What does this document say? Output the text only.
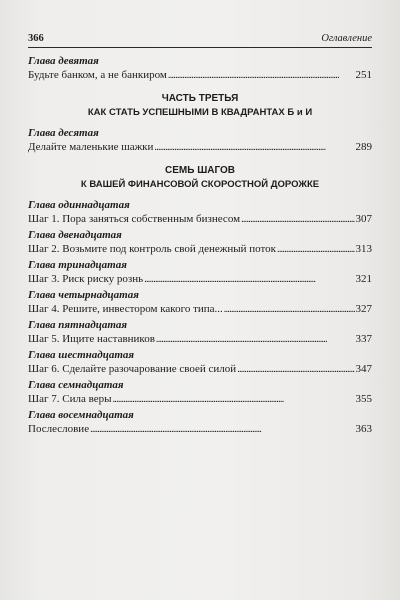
366	Оглавление
Глава девятая
Будьте банком, а не банкиром . . .	251
ЧАСТЬ ТРЕТЬЯ
КАК СТАТЬ УСПЕШНЫМИ В КВАДРАНТАХ Б и И
Глава десятая
Делайте маленькие шажки . . .	289
СЕМЬ ШАГОВ
К ВАШЕЙ ФИНАНСОВОЙ СКОРОСТНОЙ ДОРОЖКЕ
Глава одиннадцатая
Шаг 1. Пора заняться собственным бизнесом . . .	307
Глава двенадцатая
Шаг 2. Возьмите под контроль свой денежный поток . . .	313
Глава тринадцатая
Шаг 3. Риск риску рознь . . .	321
Глава четырнадцатая
Шаг 4. Решите, инвестором какого типа... . . .	327
Глава пятнадцатая
Шаг 5. Ищите наставников . . .	337
Глава шестнадцатая
Шаг 6. Сделайте разочарование своей силой . . .	347
Глава семнадцатая
Шаг 7. Сила веры . . .	355
Глава восемнадцатая
Послесловие . . .	363
